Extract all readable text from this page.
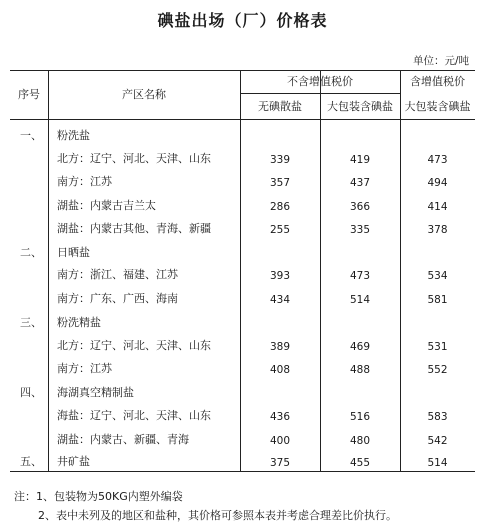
碘盐出场（厂）价格表
单位：元/吨
序号	产区名称
不含增值税价	含增值税价
无碘散盐	大包装含碘盐	大包装含碘盐
一、 粉洗盐
北方：辽宁、河北、天津、山东	339	419	473
南方：江苏	357	437	494
湖盐：内蒙古吉兰太	286	366	414
湖盐：内蒙古其他、青海、新疆	255	335	378
二、 日晒盐
南方：浙江、福建、江苏	393	473	534
南方：广东、广西、海南	434	514	581
三、 粉洗精盐
北方：辽宁、河北、天津、山东	389	469	531
南方：江苏	408	488	552
四、 海湖真空精制盐
海盐：辽宁、河北、天津、山东	436	516	583
湖盐：内蒙古、新疆、青海	400	480	542
五、 井矿盐	375	455	514
注：1、包装物为50KG内塑外编袋
2、表中未列及的地区和盐种，其价格可参照本表并考虑合理差比价执行。
